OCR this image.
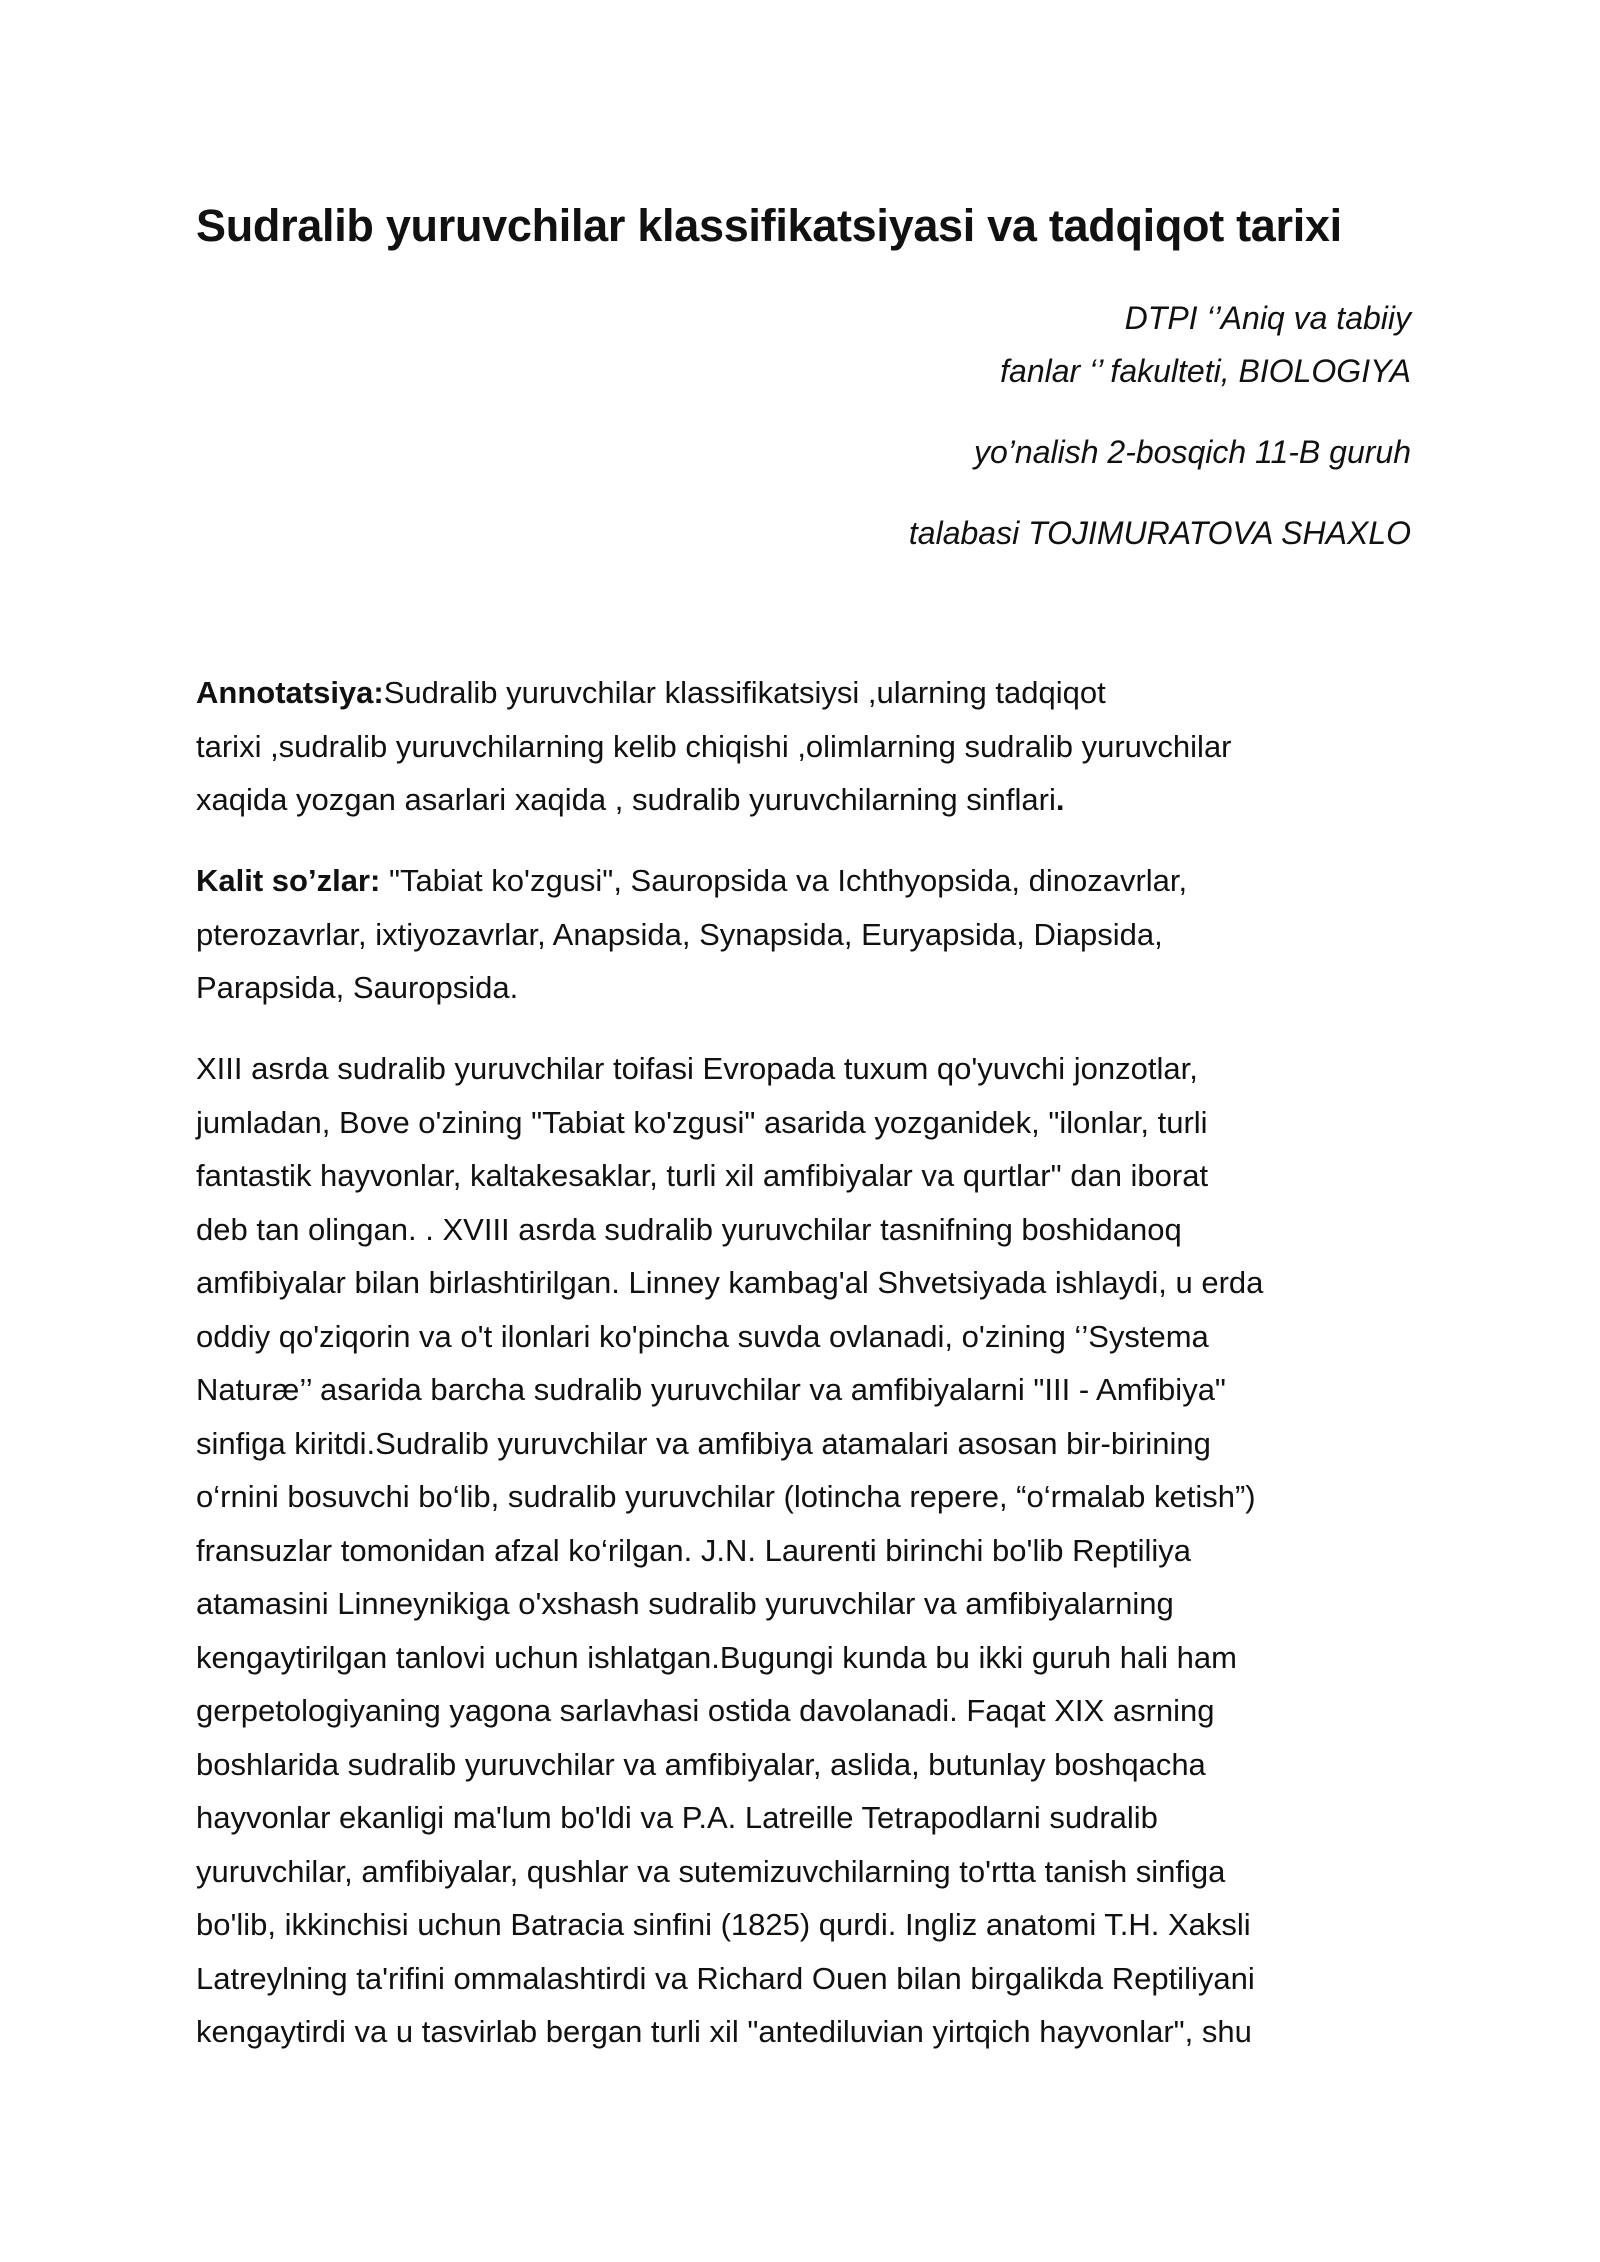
Sudralib yuruvchilar klassifikatsiyasi va tadqiqot tarixi
DTPI ‘’Aniq va tabiiy
fanlar ‘’ fakulteti, BIOLOGIYA
yo’nalish 2-bosqich 11-B guruh
talabasi TOJIMURATOVA SHAXLO

Annotatsiya:Sudralib yuruvchilar klassifikatsiysi ,ularning tadqiqot
tarixi ,sudralib yuruvchilarning kelib chiqishi ,olimlarning sudralib yuruvchilar
xaqida yozgan asarlari xaqida , sudralib yuruvchilarning sinflari.

Kalit so’zlar: "Tabiat ko'zgusi", Sauropsida va Ichthyopsida, dinozavrlar,
pterozavrlar, ixtiyozavrlar, Anapsida, Synapsida, Euryapsida, Diapsida,
Parapsida, Sauropsida.

XIII asrda sudralib yuruvchilar toifasi Evropada tuxum qo'yuvchi jonzotlar,
jumladan, Bove o'zining "Tabiat ko'zgusi" asarida yozganidek, "ilonlar, turli
fantastik hayvonlar, kaltakesaklar, turli xil amfibiyalar va qurtlar" dan iborat
deb tan olingan. . XVIII asrda sudralib yuruvchilar tasnifning boshidanoq
amfibiyalar bilan birlashtirilgan. Linney kambag'al Shvetsiyada ishlaydi, u erda
oddiy qo'ziqorin va o't ilonlari ko'pincha suvda ovlanadi, o'zining ‘’Systema
Naturæ’’ asarida barcha sudralib yuruvchilar va amfibiyalarni "III - Amfibiya"
sinfiga kiritdi.Sudralib yuruvchilar va amfibiya atamalari asosan bir-birining
o‘rnini bosuvchi bo‘lib, sudralib yuruvchilar (lotincha repere, “o‘rmalab ketish”)
fransuzlar tomonidan afzal ko‘rilgan. J.N. Laurenti birinchi bo'lib Reptiliya
atamasini Linneynikiga o'xshash sudralib yuruvchilar va amfibiyalarning
kengaytirilgan tanlovi uchun ishlatgan.Bugungi kunda bu ikki guruh hali ham
gerpetologiyaning yagona sarlavhasi ostida davolanadi. Faqat XIX asrning
boshlarida sudralib yuruvchilar va amfibiyalar, aslida, butunlay boshqacha
hayvonlar ekanligi ma'lum bo'ldi va P.A. Latreille Tetrapodlarni sudralib
yuruvchilar, amfibiyalar, qushlar va sutemizuvchilarning to'rtta tanish sinfiga
bo'lib, ikkinchisi uchun Batracia sinfini (1825) qurdi. Ingliz anatomi T.H. Xaksli
Latreylning ta'rifini ommalashtirdi va Richard Ouen bilan birgalikda Reptiliyani
kengaytirdi va u tasvirlab bergan turli xil "antediluvian yirtqich hayvonlar", shu
